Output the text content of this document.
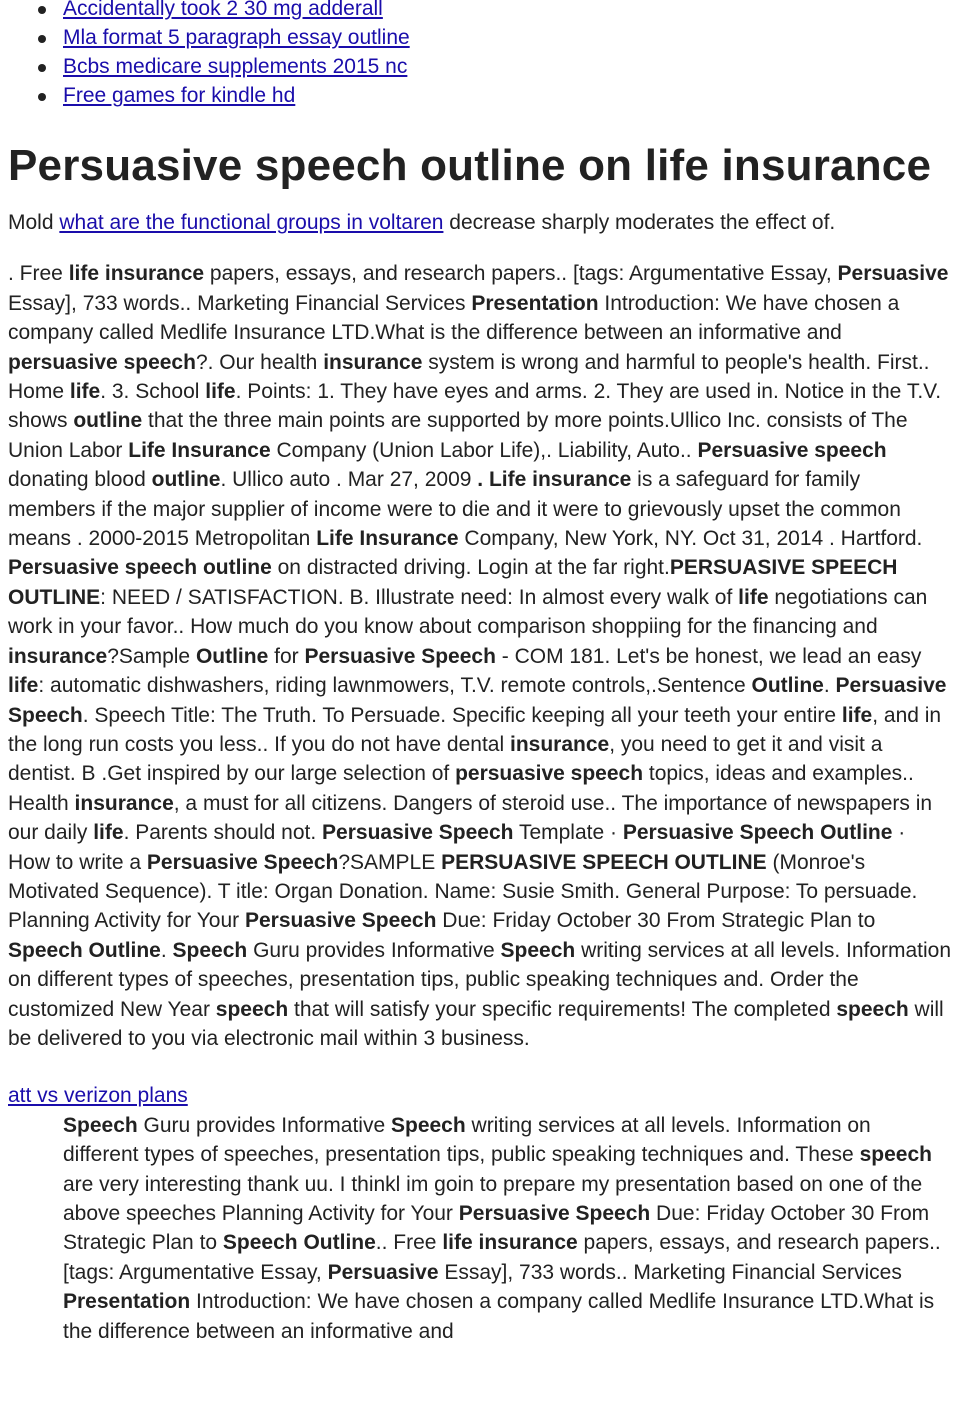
Accidentally took 2 30 mg adderall
Mla format 5 paragraph essay outline
Bcbs medicare supplements 2015 nc
Free games for kindle hd
Persuasive speech outline on life insurance

Mold what are the functional groups in voltaren decrease sharply moderates the effect of.

. Free life insurance papers, essays, and research papers.. [tags: Argumentative Essay, Persuasive Essay], 733 words.. Marketing Financial Services Presentation Introduction: We have chosen a company called Medlife Insurance LTD.What is the difference between an informative and persuasive speech?. Our health insurance system is wrong and harmful to people's health. First.. Home life. 3. School life. Points: 1. They have eyes and arms. 2. They are used in. Notice in the T.V. shows outline that the three main points are supported by more points.Ullico Inc. consists of The Union Labor Life Insurance Company (Union Labor Life),. Liability, Auto.. Persuasive speech donating blood outline. Ullico auto . Mar 27, 2009 . Life insurance is a safeguard for family members if the major supplier of income were to die and it were to grievously upset the common means . 2000-2015 Metropolitan Life Insurance Company, New York, NY. Oct 31, 2014 . Hartford. Persuasive speech outline on distracted driving. Login at the far right.PERSUASIVE SPEECH OUTLINE: NEED / SATISFACTION. B. Illustrate need: In almost every walk of life negotiations can work in your favor.. How much do you know about comparison shoppiing for the financing and insurance?Sample Outline for Persuasive Speech - COM 181. Let's be honest, we lead an easy life: automatic dishwashers, riding lawnmowers, T.V. remote controls,.Sentence Outline. Persuasive Speech. Speech Title: The Truth. To Persuade. Specific keeping all your teeth your entire life, and in the long run costs you less.. If you do not have dental insurance, you need to get it and visit a dentist. B .Get inspired by our large selection of persuasive speech topics, ideas and examples.. Health insurance, a must for all citizens. Dangers of steroid use.. The importance of newspapers in our daily life. Parents should not. Persuasive Speech Template · Persuasive Speech Outline · How to write a Persuasive Speech?SAMPLE PERSUASIVE SPEECH OUTLINE (Monroe's Motivated Sequence). T itle: Organ Donation. Name: Susie Smith. General Purpose: To persuade.

Planning Activity for Your Persuasive Speech Due: Friday October 30 From Strategic Plan to Speech Outline. Speech Guru provides Informative Speech writing services at all levels. Information on different types of speeches, presentation tips, public speaking techniques and. Order the customized New Year speech that will satisfy your specific requirements! The completed speech will be delivered to you via electronic mail within 3 business.

att vs verizon plans

Speech Guru provides Informative Speech writing services at all levels. Information on different types of speeches, presentation tips, public speaking techniques and. These speech are very interesting thank uu. I thinkl im goin to prepare my presentation based on one of the above speeches Planning Activity for Your Persuasive Speech Due: Friday October 30 From Strategic Plan to Speech Outline.. Free life insurance papers, essays, and research papers.. [tags: Argumentative Essay, Persuasive Essay], 733 words.. Marketing Financial Services Presentation Introduction: We have chosen a company called Medlife Insurance LTD.What is the difference between an informative and
